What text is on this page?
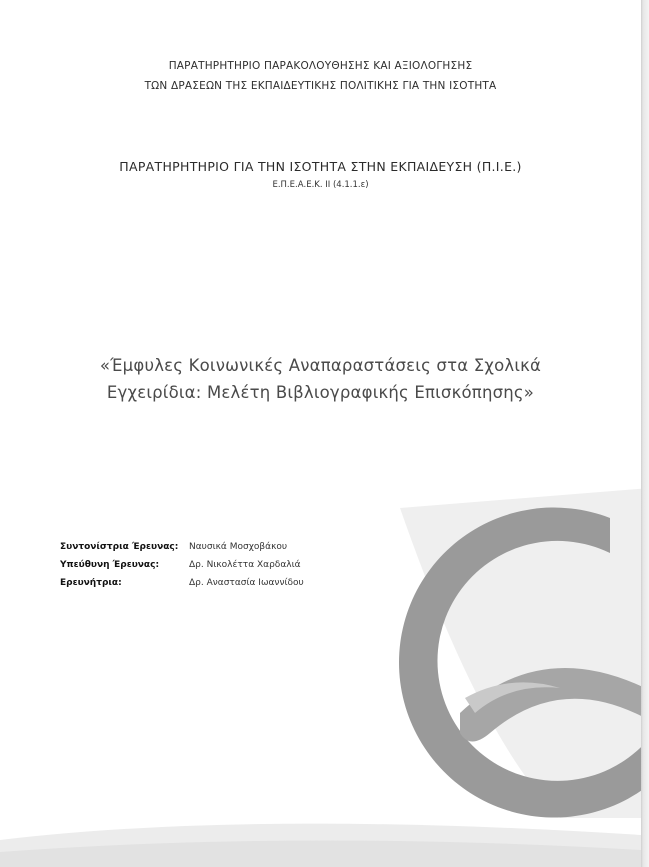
ΠΑΡΑΤΗΡΗΤΗΡΙΟ ΠΑΡΑΚΟΛΟΥΘΗΣΗΣ ΚΑΙ ΑΞΙΟΛΟΓΗΣΗΣ
ΤΩΝ ΔΡΑΣΕΩΝ ΤΗΣ ΕΚΠΑΙΔΕΥΤΙΚΗΣ ΠΟΛΙΤΙΚΗΣ ΓΙΑ ΤΗΝ ΙΣΟΤΗΤΑ
ΠΑΡΑΤΗΡΗΤΗΡΙΟ ΓΙΑ ΤΗΝ ΙΣΟΤΗΤΑ ΣΤΗΝ ΕΚΠΑΙΔΕΥΣΗ (Π.Ι.Ε.)
Ε.Π.Ε.Α.Ε.Κ. ΙΙ (4.1.1.ε)
«Έμφυλες Κοινωνικές Αναπαραστάσεις στα Σχολικά
Εγχειρίδια: Μελέτη Βιβλιογραφικής Επισκόπησης»
Συντονίστρια Έρευνας:	Ναυσικά Μοσχοβάκου
Υπεύθυνη Έρευνας:	Δρ. Νικολέττα Χαρδαλιά
Ερευνήτρια:	Δρ. Αναστασία Ιωαννίδου
